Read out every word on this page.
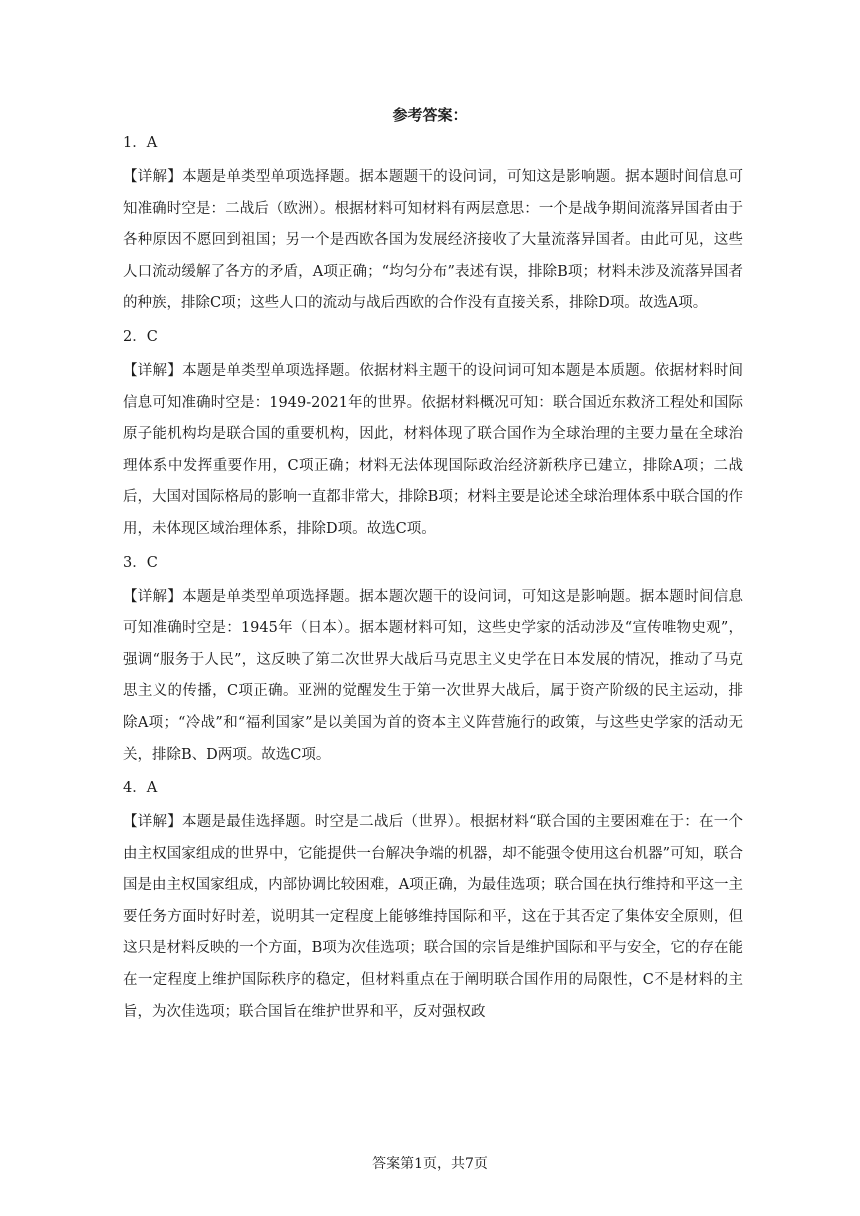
参考答案：

1．A

【详解】本题是单类型单项选择题。据本题题干的设问词，可知这是影响题。据本题时间信息可知准确时空是：二战后（欧洲）。根据材料可知材料有两层意思：一个是战争期间流落异国者由于各种原因不愿回到祖国；另一个是西欧各国为发展经济接收了大量流落异国者。由此可见，这些人口流动缓解了各方的矛盾，A项正确；“均匀分布”表述有误，排除B项；材料未涉及流落异国者的种族，排除C项；这些人口的流动与战后西欧的合作没有直接关系，排除D项。故选A项。

2．C

【详解】本题是单类型单项选择题。依据材料主题干的设问词可知本题是本质题。依据材料时间信息可知准确时空是：1949-2021年的世界。依据材料概况可知：联合国近东救济工程处和国际原子能机构均是联合国的重要机构，因此，材料体现了联合国作为全球治理的主要力量在全球治理体系中发挥重要作用，C项正确；材料无法体现国际政治经济新秩序已建立，排除A项；二战后，大国对国际格局的影响一直都非常大，排除B项；材料主要是论述全球治理体系中联合国的作用，未体现区域治理体系，排除D项。故选C项。

3．C

【详解】本题是单类型单项选择题。据本题次题干的设问词，可知这是影响题。据本题时间信息可知准确时空是：1945年（日本）。据本题材料可知，这些史学家的活动涉及“宣传唯物史观”，强调“服务于人民”，这反映了第二次世界大战后马克思主义史学在日本发展的情况，推动了马克思主义的传播，C项正确。亚洲的觉醒发生于第一次世界大战后，属于资产阶级的民主运动，排除A项；“冷战”和“福利国家”是以美国为首的资本主义阵营施行的政策，与这些史学家的活动无关，排除B、D两项。故选C项。

4．A

【详解】本题是最佳选择题。时空是二战后（世界）。根据材料“联合国的主要困难在于：在一个由主权国家组成的世界中，它能提供一台解决争端的机器，却不能强令使用这台机器”可知，联合国是由主权国家组成，内部协调比较困难，A项正确，为最佳选项；联合国在执行维持和平这一主要任务方面时好时差，说明其一定程度上能够维持国际和平，这在于其否定了集体安全原则，但这只是材料反映的一个方面，B项为次佳选项；联合国的宗旨是维护国际和平与安全，它的存在能在一定程度上维护国际秩序的稳定，但材料重点在于阐明联合国作用的局限性，C不是材料的主旨，为次佳选项；联合国旨在维护世界和平，反对强权政

答案第1页，共7页
